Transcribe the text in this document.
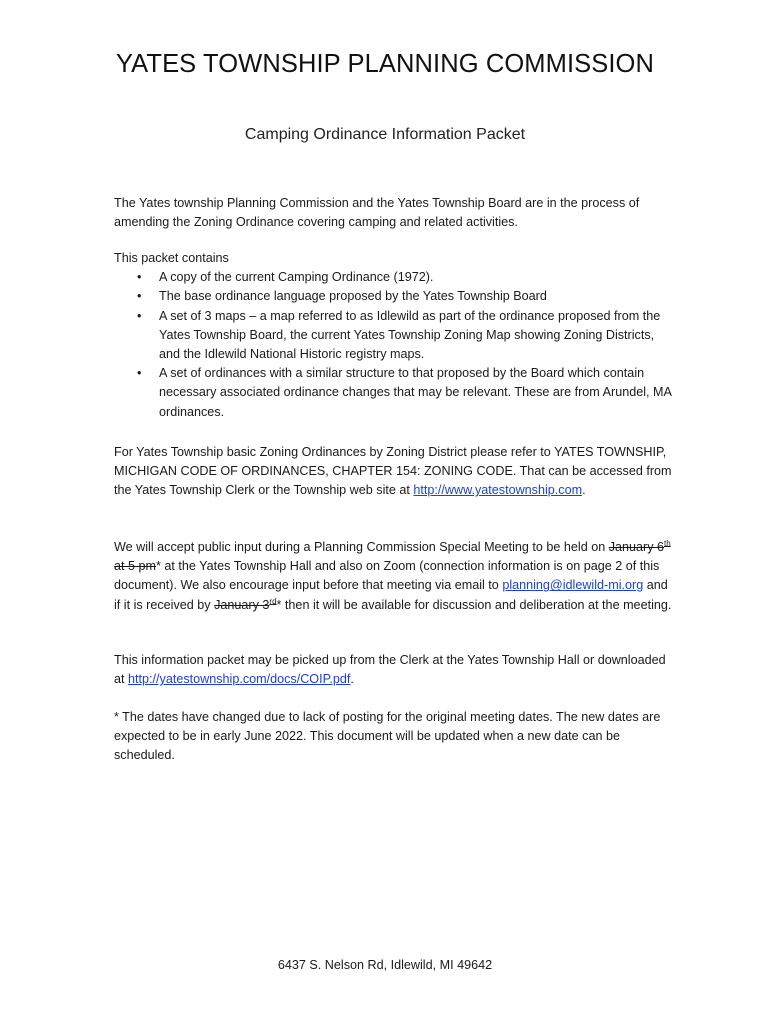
YATES TOWNSHIP PLANNING COMMISSION
Camping Ordinance Information Packet

The Yates township Planning Commission and the Yates Township Board are in the process of amending the Zoning Ordinance covering camping and related activities.

This packet contains

• A copy of the current Camping Ordinance (1972).
• The base ordinance language proposed by the Yates Township Board
• A set of 3 maps – a map referred to as Idlewild as part of the ordinance proposed from the Yates Township Board, the current Yates Township Zoning Map showing Zoning Districts, and the Idlewild National Historic registry maps.
• A set of ordinances with a similar structure to that proposed by the Board which contain necessary associated ordinance changes that may be relevant. These are from Arundel, MA ordinances.

For Yates Township basic Zoning Ordinances by Zoning District please refer to YATES TOWNSHIP, MICHIGAN CODE OF ORDINANCES, CHAPTER 154: ZONING CODE. That can be accessed from the Yates Township Clerk or the Township web site at http://www.yatestownship.com.

We will accept public input during a Planning Commission Special Meeting to be held on January 6th at 5 pm* at the Yates Township Hall and also on Zoom (connection information is on page 2 of this document). We also encourage input before that meeting via email to planning@idlewild-mi.org and if it is received by January 3rd* then it will be available for discussion and deliberation at the meeting.

This information packet may be picked up from the Clerk at the Yates Township Hall or downloaded at http://yatestownship.com/docs/COIP.pdf.

* The dates have changed due to lack of posting for the original meeting dates. The new dates are expected to be in early June 2022. This document will be updated when a new date can be scheduled.

6437 S. Nelson Rd, Idlewild, MI 49642
